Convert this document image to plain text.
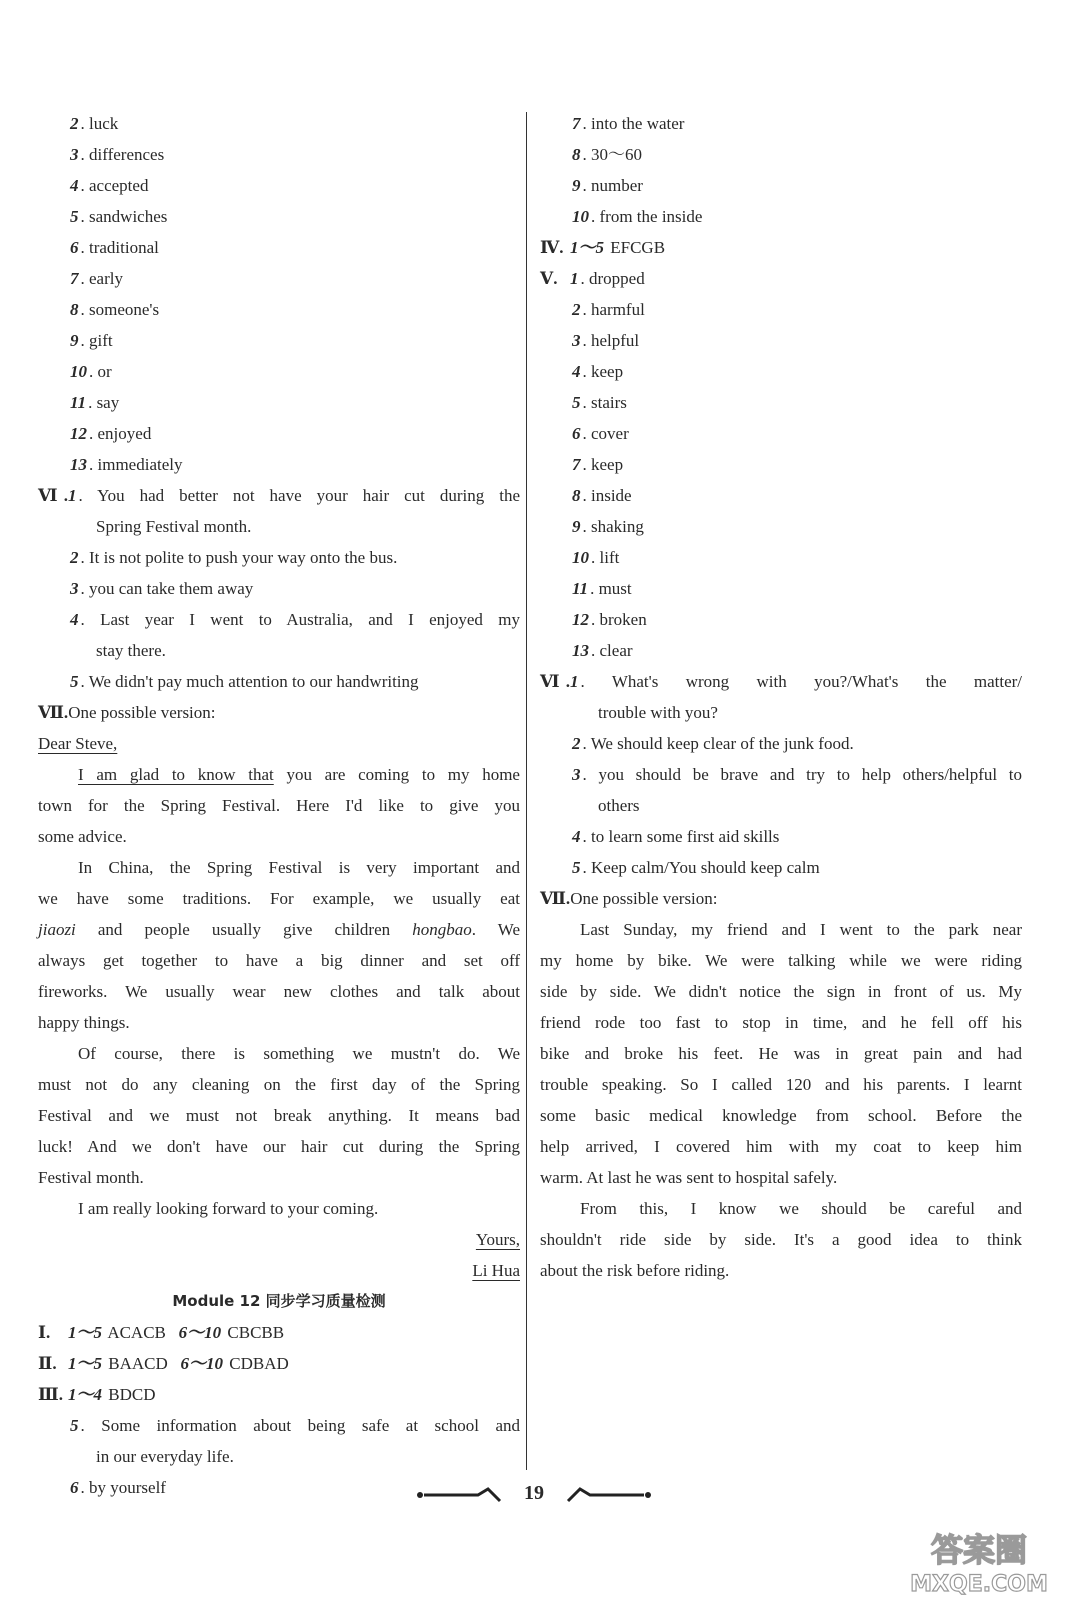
2 . luck
3 . differences
4 . accepted
5 . sandwiches
6 . traditional
7 . early
8 . someone's
9 . gift
10 . or
11 . say
12 . enjoyed
13 . immediately
Ⅵ.1 . You had better not have your hair cut during the
Spring Festival month.
2 . It is not polite to push your way onto the bus.
3 . you can take them away
4 . Last year I went to Australia, and I enjoyed my
stay there.
5 . We didn't pay much attention to our handwriting
Ⅶ.One possible version:
Dear Steve,
I am glad to know that you are coming to my home
town for the Spring Festival. Here I'd like to give you
some advice.
In China, the Spring Festival is very important and
we have some traditions. For example, we usually eat
jiaozi and people usually give children hongbao. We
always get together to have a big dinner and set off
fireworks. We usually wear new clothes and talk about
happy things.
Of course, there is something we mustn't do. We
must not do any cleaning on the first day of the Spring
Festival and we must not break anything. It means bad
luck! And we don't have our hair cut during the Spring
Festival month.
I am really looking forward to your coming.
Yours,
Li Hua
Module 12 同步学习质量检测
Ⅰ. 1～5 ACACB 6～10 CBCBB
Ⅱ. 1～5 BAACD 6～10 CDBAD
Ⅲ. 1～4 BDCD
5 . Some information about being safe at school and
in our everyday life.
6 . by yourself
7 . into the water
8 . 30～60
9 . number
10 . from the inside
Ⅳ. 1～5 EFCGB
Ⅴ. 1 . dropped
2 . harmful
3 . helpful
4 . keep
5 . stairs
6 . cover
7 . keep
8 . inside
9 . shaking
10 . lift
11 . must
12 . broken
13 . clear
Ⅵ.1 . What's wrong with you?/What's the matter/
trouble with you?
2 . We should keep clear of the junk food.
3 . you should be brave and try to help others/helpful to
others
4 . to learn some first aid skills
5 . Keep calm/You should keep calm
Ⅶ.One possible version:
Last Sunday, my friend and I went to the park near
my home by bike. We were talking while we were riding
side by side. We didn't notice the sign in front of us. My
friend rode too fast to stop in time, and he fell off his
bike and broke his feet. He was in great pain and had
trouble speaking. So I called 120 and his parents. I learnt
some basic medical knowledge from school. Before the
help arrived, I covered him with my coat to keep him
warm. At last he was sent to hospital safely.
From this, I know we should be careful and
shouldn't ride side by side. It's a good idea to think
about the risk before riding.
19
答案圈
MXQE.COM
